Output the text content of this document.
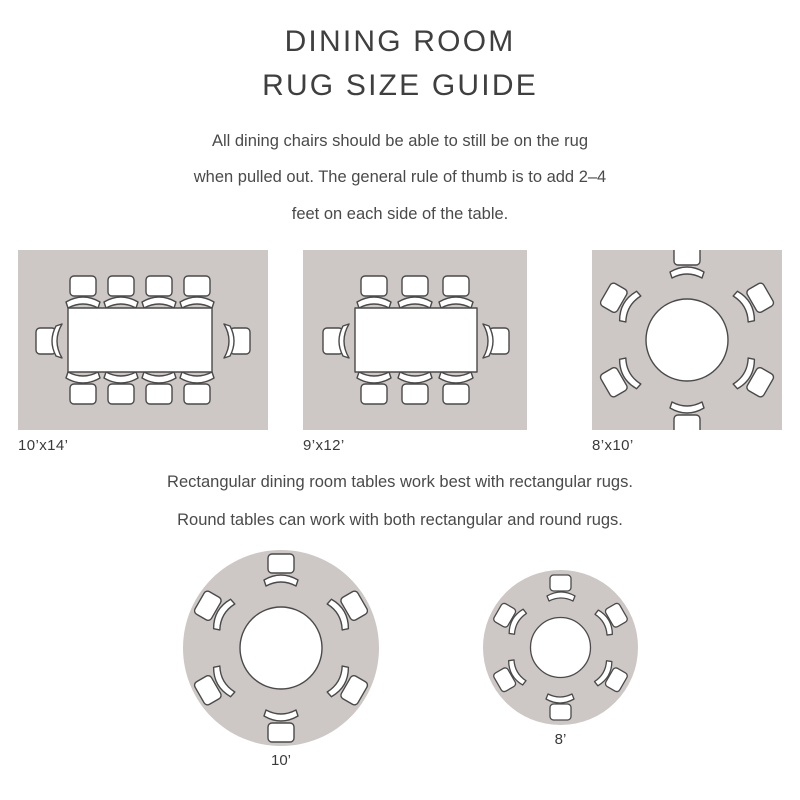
DINING ROOM
RUG SIZE GUIDE
All dining chairs should be able to still be on the rug
when pulled out. The general rule of thumb is to add 2–4
feet on each side of the table.
10’x14’	9’x12’	8’x10’
Rectangular dining room tables work best with rectangular rugs.
Round tables can work with both rectangular and round rugs.
10’
8’
